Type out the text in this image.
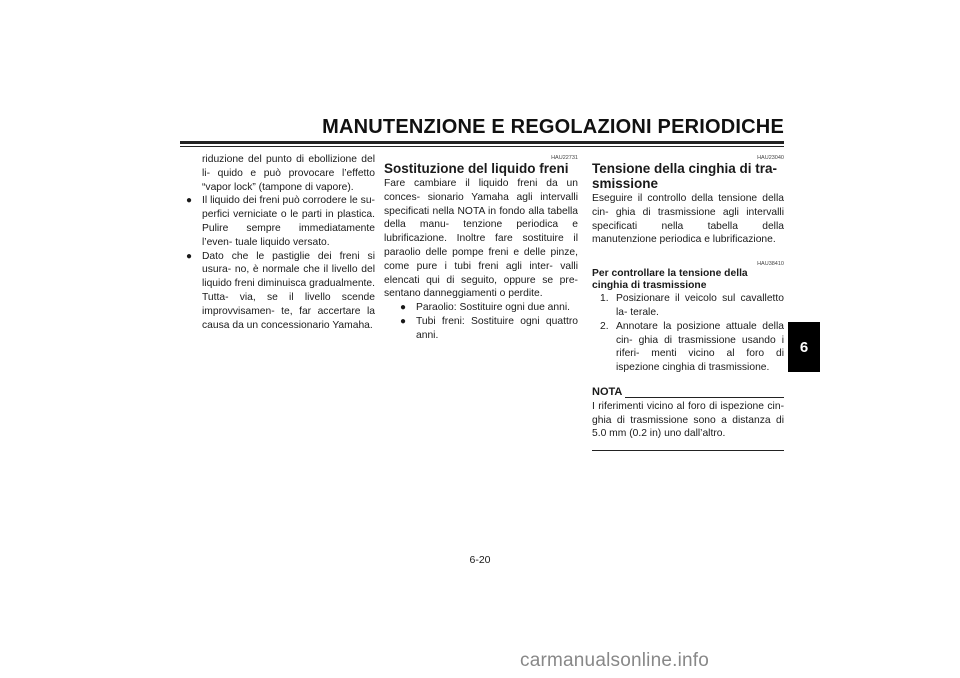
MANUTENZIONE E REGOLAZIONI PERIODICHE
6

riduzione del punto di ebollizione del li- quido e può provocare l’effetto “vapor lock” (tampone di vapore).

● Il liquido dei freni può corrodere le su- perfici verniciate o le parti in plastica. Pulire sempre immediatamente l’even- tuale liquido versato.
● Dato che le pastiglie dei freni si usura- no, è normale che il livello del liquido freni diminuisca gradualmente. Tutta- via, se il livello scende improvvisamen- te, far accertare la causa da un concessionario Yamaha.
HAU22731
Sostituzione del liquido freni

Fare cambiare il liquido freni da un conces- sionario Yamaha agli intervalli specificati nella NOTA in fondo alla tabella della manu- tenzione periodica e lubrificazione. Inoltre fare sostituire il paraolio delle pompe freni e delle pinze, come pure i tubi freni agli inter- valli elencati qui di seguito, oppure se pre- sentano danneggiamenti o perdite.

● Paraolio: Sostituire ogni due anni.
● Tubi freni: Sostituire ogni quattro anni.
HAU23040
Tensione della cinghia di tra- smissione

Eseguire il controllo della tensione della cin- ghia di trasmissione agli intervalli specificati nella tabella della manutenzione periodica e lubrificazione.

HAU38410
Per controllare la tensione della cinghia di trasmissione
1. Posizionare il veicolo sul cavalletto la- terale.
2. Annotare la posizione attuale della cin- ghia di trasmissione usando i riferi- menti vicino al foro di ispezione cinghia di trasmissione.
NOTA

I riferimenti vicino al foro di ispezione cin- ghia di trasmissione sono a distanza di 5.0 mm (0.2 in) uno dall’altro.

6-20
carmanualsonline.info
